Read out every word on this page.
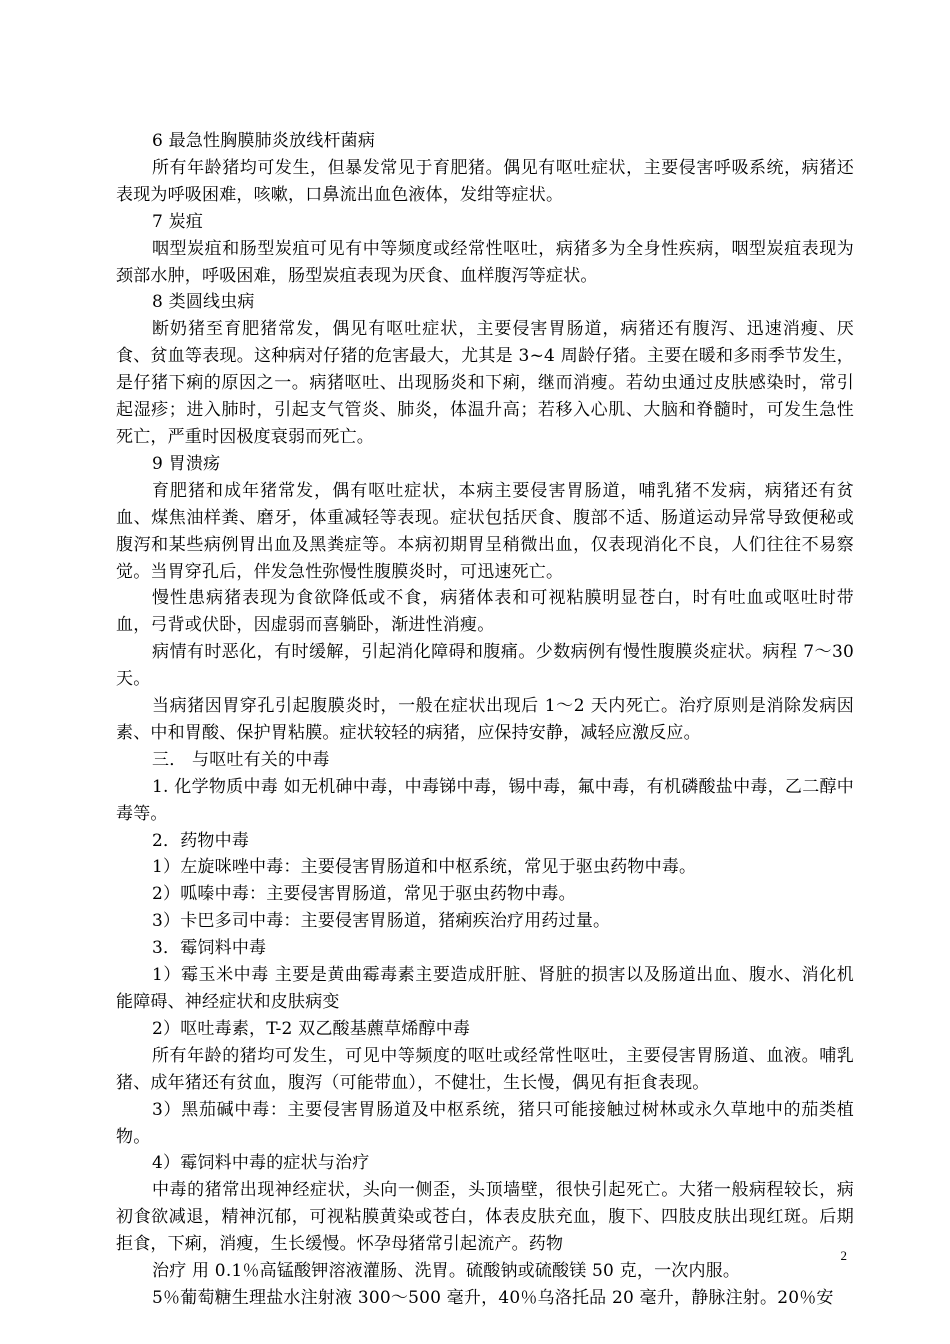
6 最急性胸膜肺炎放线杆菌病

所有年龄猪均可发生，但暴发常见于育肥猪。偶见有呕吐症状，主要侵害呼吸系统，病猪还表现为呼吸困难，咳嗽，口鼻流出血色液体，发绀等症状。

7 炭疽

咽型炭疽和肠型炭疽可见有中等频度或经常性呕吐，病猪多为全身性疾病，咽型炭疽表现为颈部水肿，呼吸困难，肠型炭疽表现为厌食、血样腹泻等症状。

8 类圆线虫病

断奶猪至育肥猪常发，偶见有呕吐症状，主要侵害胃肠道，病猪还有腹泻、迅速消瘦、厌食、贫血等表现。这种病对仔猪的危害最大，尤其是 3~4 周龄仔猪。主要在暖和多雨季节发生，是仔猪下痢的原因之一。病猪呕吐、出现肠炎和下痢，继而消瘦。若幼虫通过皮肤感染时，常引起湿疹；进入肺时，引起支气管炎、肺炎，体温升高；若移入心肌、大脑和脊髓时，可发生急性死亡，严重时因极度衰弱而死亡。

9 胃溃疡

育肥猪和成年猪常发，偶有呕吐症状，本病主要侵害胃肠道，哺乳猪不发病，病猪还有贫血、煤焦油样粪、磨牙，体重减轻等表现。症状包括厌食、腹部不适、肠道运动异常导致便秘或腹泻和某些病例胃出血及黑粪症等。本病初期胃呈稍微出血，仅表现消化不良，人们往往不易察觉。当胃穿孔后，伴发急性弥慢性腹膜炎时，可迅速死亡。

慢性患病猪表现为食欲降低或不食，病猪体表和可视粘膜明显苍白，时有吐血或呕吐时带血，弓背或伏卧，因虚弱而喜躺卧，渐进性消瘦。

病情有时恶化，有时缓解，引起消化障碍和腹痛。少数病例有慢性腹膜炎症状。病程 7～30 天。

当病猪因胃穿孔引起腹膜炎时，一般在症状出现后 1～2 天内死亡。治疗原则是消除发病因素、中和胃酸、保护胃粘膜。症状较轻的病猪，应保持安静，减轻应激反应。

三． 与呕吐有关的中毒

1. 化学物质中毒 如无机砷中毒，中毒锑中毒，锡中毒，氟中毒，有机磷酸盐中毒，乙二醇中毒等。

2．药物中毒

1）左旋咪唑中毒：主要侵害胃肠道和中枢系统，常见于驱虫药物中毒。

2）呱嗪中毒：主要侵害胃肠道，常见于驱虫药物中毒。

3）卡巴多司中毒：主要侵害胃肠道，猪痢疾治疗用药过量。

3．霉饲料中毒

1）霉玉米中毒 主要是黄曲霉毒素主要造成肝脏、肾脏的损害以及肠道出血、腹水、消化机能障碍、神经症状和皮肤病变

2）呕吐毒素，T-2 双乙酸基藨草烯醇中毒

所有年龄的猪均可发生，可见中等频度的呕吐或经常性呕吐，主要侵害胃肠道、血液。哺乳猪、成年猪还有贫血，腹泻（可能带血），不健壮，生长慢，偶见有拒食表现。

3）黑茄碱中毒：主要侵害胃肠道及中枢系统，猪只可能接触过树林或永久草地中的茄类植物。

4）霉饲料中毒的症状与治疗

中毒的猪常出现神经症状，头向一侧歪，头顶墙壁，很快引起死亡。大猪一般病程较长，病初食欲减退，精神沉郁，可视粘膜黄染或苍白，体表皮肤充血，腹下、四肢皮肤出现红斑。后期拒食，下痢，消瘦，生长缓慢。怀孕母猪常引起流产。药物

治疗 用 0.1％高锰酸钾溶液灌肠、洗胃。硫酸钠或硫酸镁 50 克，一次内服。

5％葡萄糖生理盐水注射液 300～500 毫升，40％乌洛托品 20 毫升，静脉注射。20％安

2
